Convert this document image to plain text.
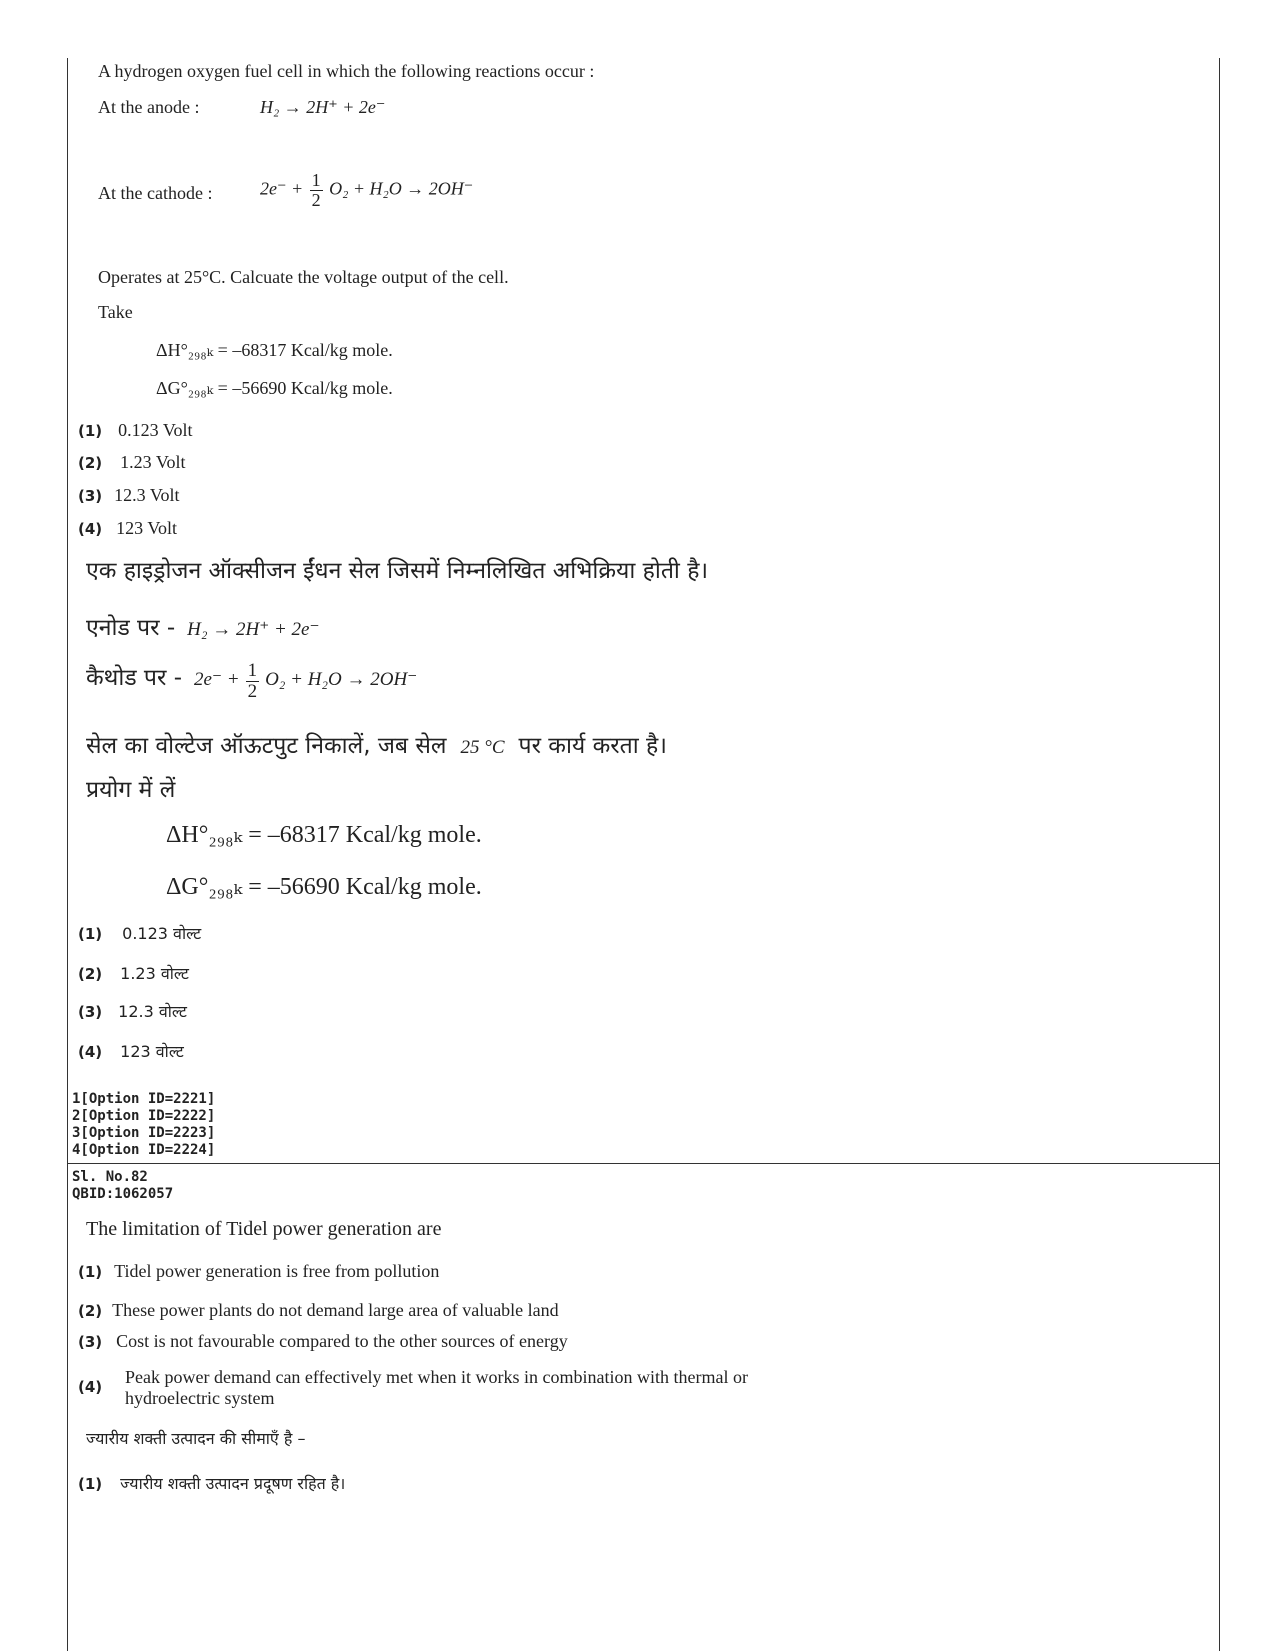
A hydrogen oxygen fuel cell in which the following reactions occur :
At the anode :	H₂ → 2H⁺ + 2e⁻
At the cathode :	$2e^- + \frac{1}{2} O_2 + H_2O \to 2OH^-$
Operates at 25°C. Calcuate the voltage output of the cell.
Take
ΔH°₂₉₈ₖ = –68317 Kcal/kg mole.
ΔG°₂₉₈ₖ = –56690 Kcal/kg mole.
(1) 0.123 Volt
(2) 1.23 Volt
(3) 12.3 Volt
(4) 123 Volt
एक हाइड्रोजन ऑक्सीजन ईंधन सेल जिसमें निम्नलिखित अभिक्रिया होती है।
एनोड पर - H₂ → 2H⁺ + 2e⁻
कैथोड पर - $2e^- + \frac{1}{2} O_2 + H_2O \to 2OH^-$
सेल का वोल्टेज ऑऊटपुट निकालें, जब सेल 25 °C पर कार्य करता है।
प्रयोग में लें
ΔH°₂₉₈ₖ = –68317 Kcal/kg mole.
ΔG°₂₉₈ₖ = –56690 Kcal/kg mole.
(1) 0.123 वोल्ट
(2) 1.23 वोल्ट
(3) 12.3 वोल्ट
(4) 123 वोल्ट
1[Option ID=2221]
2[Option ID=2222]
3[Option ID=2223]
4[Option ID=2224]
Sl. No.82
QBID:1062057
The limitation of Tidel power generation are
(1) Tidel power generation is free from pollution
(2) These power plants do not demand large area of valuable land
(3) Cost is not favourable compared to the other sources of energy
(4) Peak power demand can effectively met when it works in combination with thermal or
hydroelectric system
ज्यारीय शक्ती उत्पादन की सीमाएँ है –
(1) ज्यारीय शक्ती उत्पादन प्रदूषण रहित है।
